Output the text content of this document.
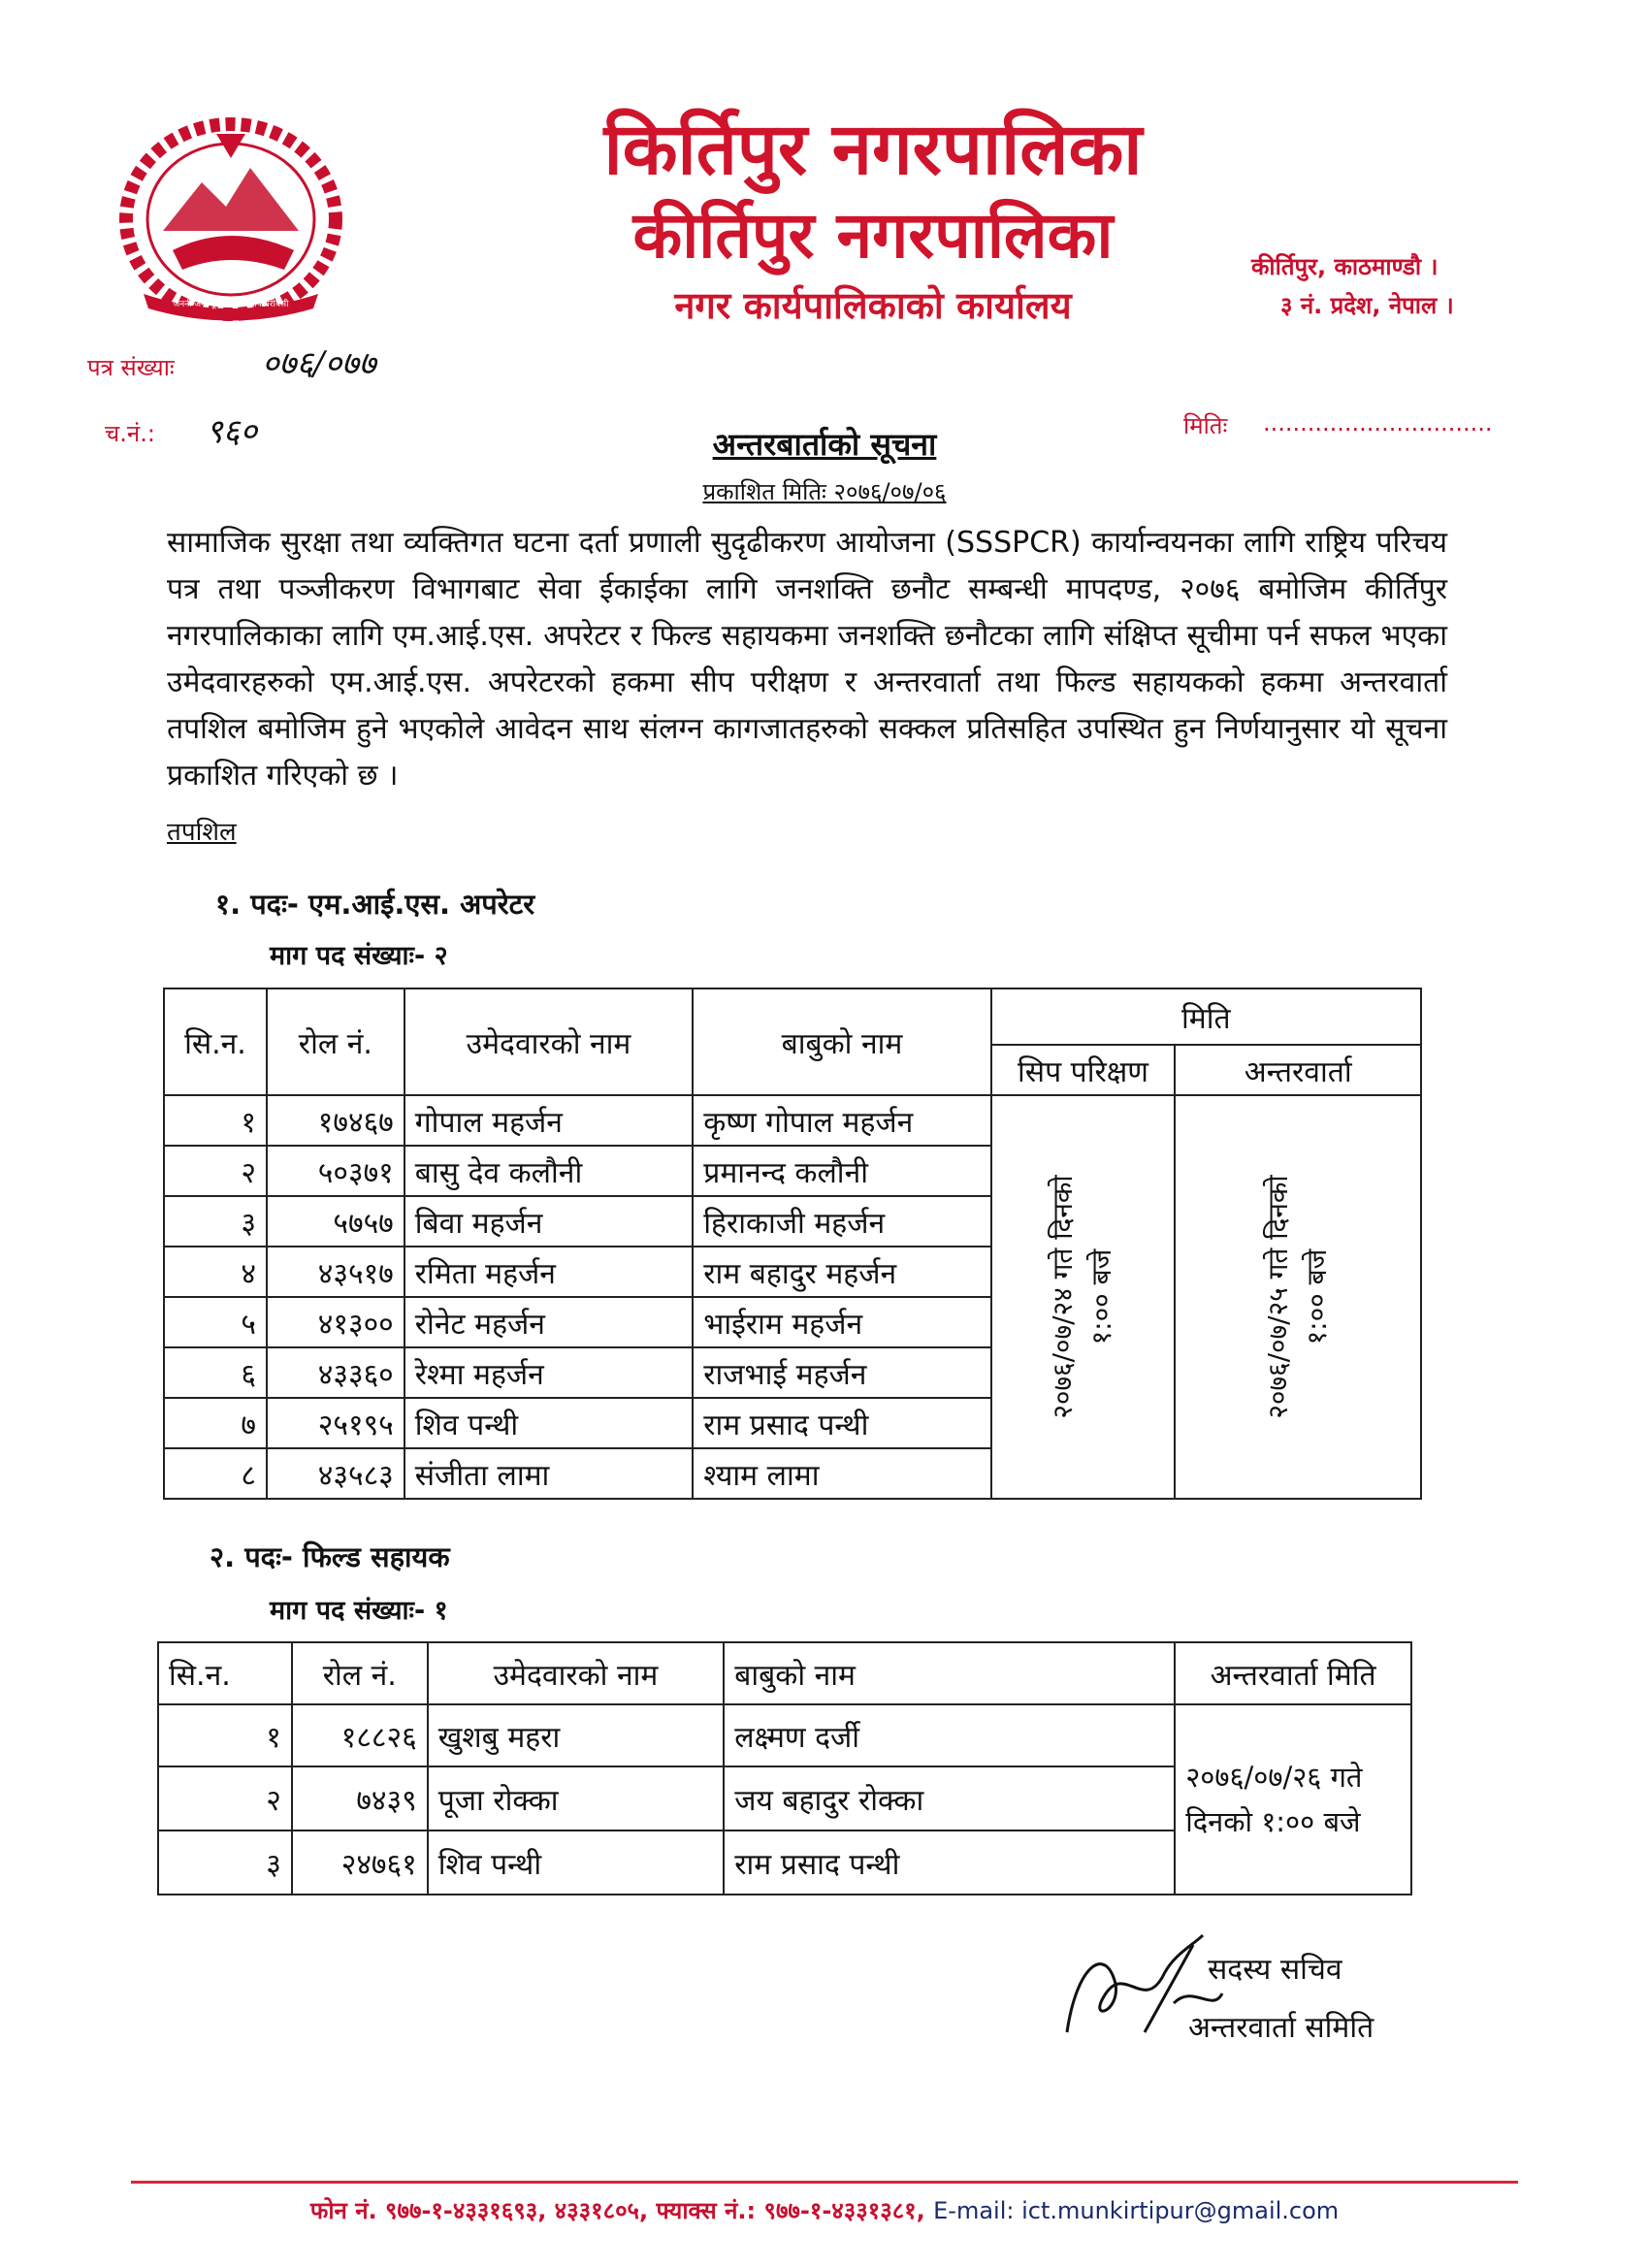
जननी जन्मभूमिश्च स्वर्गादपि गरीयसी
किर्तिपुर नगरपालिका
कीर्तिपुर नगरपालिका
नगर कार्यपालिकाको कार्यालय
कीर्तिपुर, काठमाण्डौ ।
३ नं. प्रदेश, नेपाल ।
पत्र संख्याः	०७६/०७७
च.नं.: ९६०	मितिः ...............................
अन्तरबार्ताको सूचना
प्रकाशित मितिः २०७६/०७/०६
सामाजिक सुरक्षा तथा व्यक्तिगत घटना दर्ता प्रणाली सुदृढीकरण आयोजना (SSSPCR) कार्यान्वयनका लागि राष्ट्रिय परिचय पत्र तथा पञ्जीकरण विभागबाट सेवा ईकाईका लागि जनशक्ति छनौट सम्बन्धी मापदण्ड, २०७६ बमोजिम कीर्तिपुर नगरपालिकाका लागि एम.आई.एस. अपरेटर र फिल्ड सहायकमा जनशक्ति छनौटका लागि संक्षिप्त सूचीमा पर्न सफल भएका उमेदवारहरुको एम.आई.एस. अपरेटरको हकमा सीप परीक्षण र अन्तरवार्ता तथा फिल्ड सहायकको हकमा अन्तरवार्ता तपशिल बमोजिम हुने भएकोले आवेदन साथ संलग्न कागजातहरुको सक्कल प्रतिसहित उपस्थित हुन निर्णयानुसार यो सूचना प्रकाशित गरिएको छ ।
तपशिल
१. पदः- एम.आई.एस. अपरेटर
माग पद संख्याः- २
सि.न.	रोल नं.	उमेदवारको नाम	बाबुको नाम	मिति	
				सिप परिक्षण	अन्तरवार्ता
१	१७४६७	गोपाल महर्जन	कृष्ण गोपाल महर्जन	२०७६/०७/२४ गते दिनको १:०० बजे	२०७६/०७/२५ गते दिनको १:०० बजे

२	५०३७१	बासु देव कलौनी	प्रमानन्द कलौनी		
३	५७५७	बिवा महर्जन	हिराकाजी महर्जन		
४	४३५१७	रमिता महर्जन	राम बहादुर महर्जन		
५	४१३००	रोनेट महर्जन	भाईराम महर्जन		
६	४३३६०	रेश्मा महर्जन	राजभाई महर्जन		
७	२५१९५	शिव पन्थी	राम प्रसाद पन्थी		
८	४३५८३	संजीता लामा	श्याम लामा		
२. पदः- फिल्ड सहायक
माग पद संख्याः- १
सि.न.	रोल नं.	उमेदवारको नाम	बाबुको नाम	अन्तरवार्ता मिति
१	१८८२६	खुशबु महरा	लक्ष्मण दर्जी	२०७६/०७/२६ गते दिनको १:०० बजे
२	७४३९	पूजा रोक्का	जय बहादुर रोक्का	
३	२४७६१	शिव पन्थी	राम प्रसाद पन्थी	
सदस्य सचिव
अन्तरवार्ता समिति
फोन नं. ९७७-१-४३३१६९३, ४३३१८०५, फ्याक्स नं.: ९७७-१-४३३१३८१, E-mail: ict.munkirtipur@gmail.com
